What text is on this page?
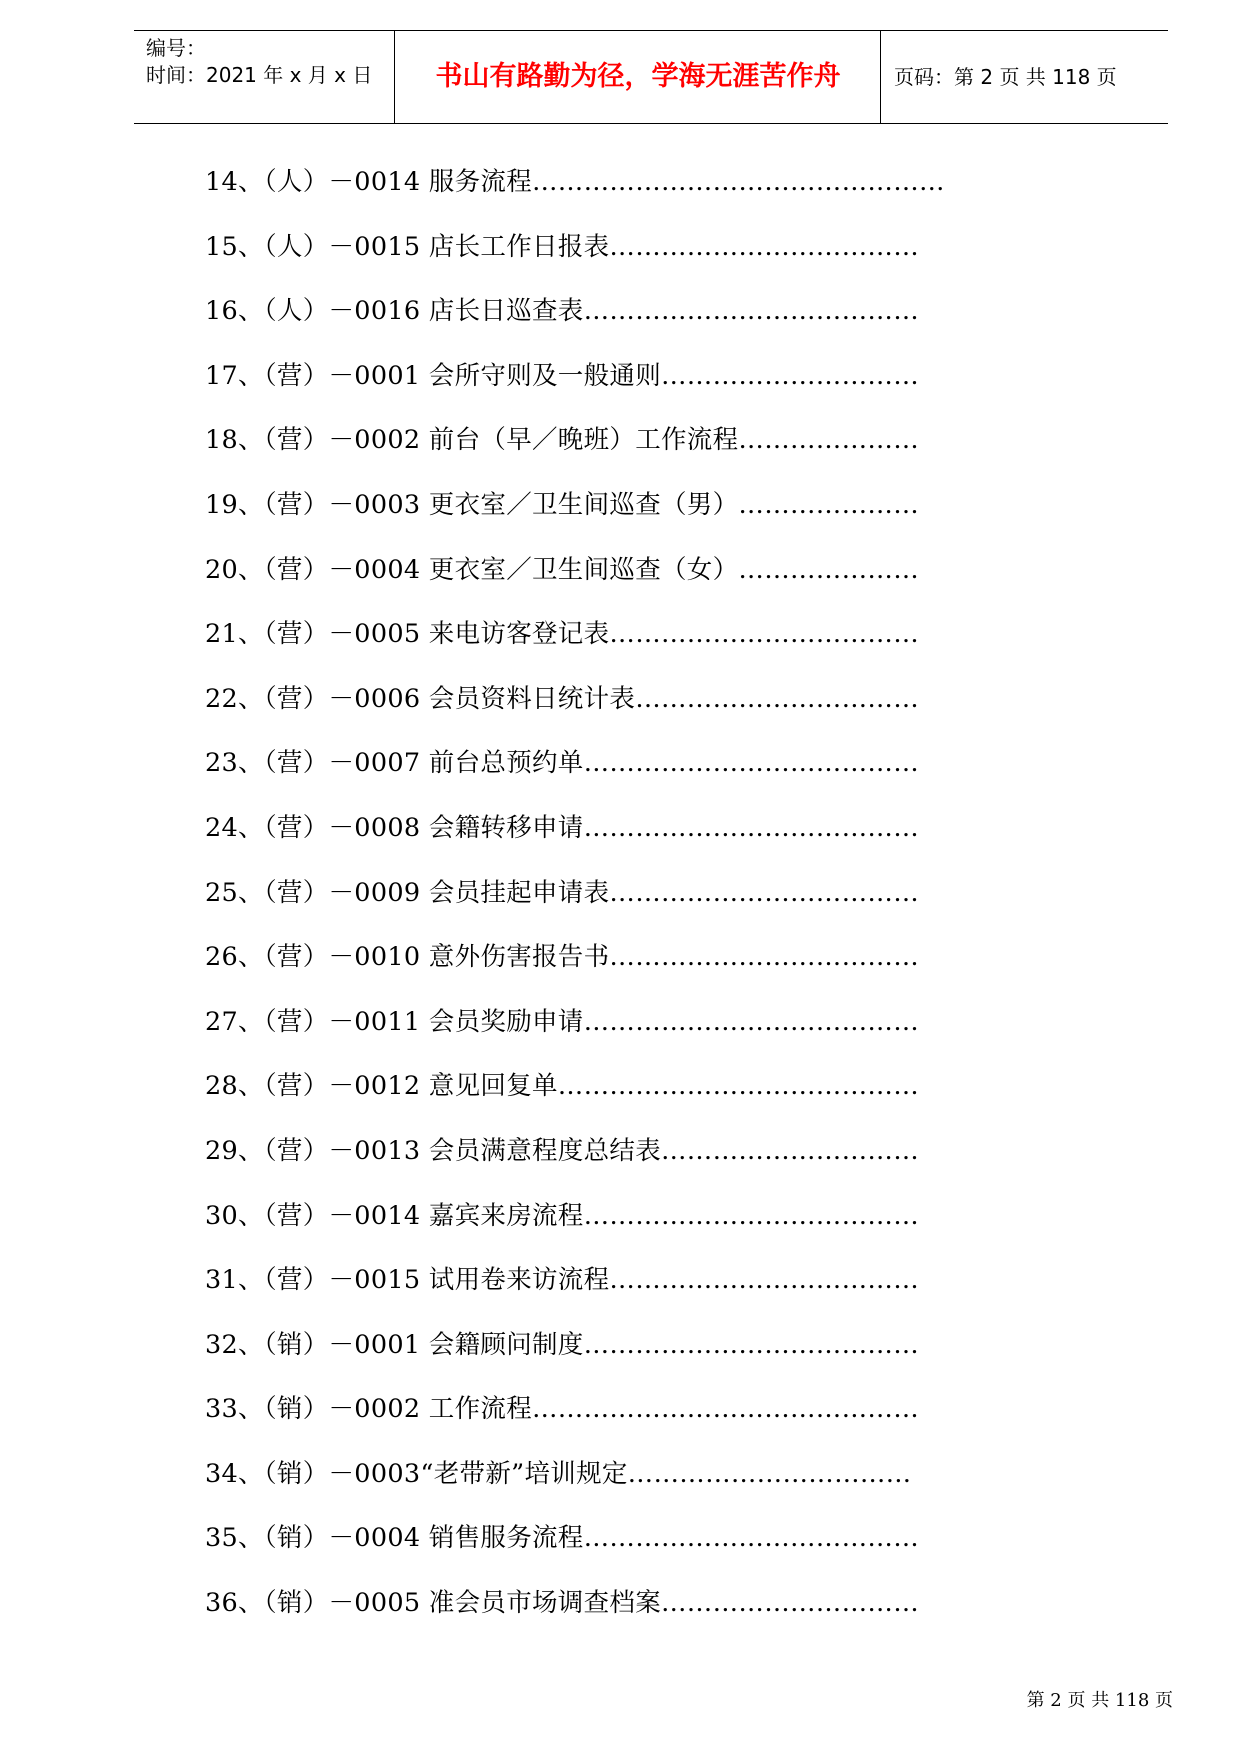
编号：
时间：2021 年 x 月 x 日	书山有路勤为径，学海无涯苦作舟	页码：第 2 页 共 118 页
14、（人）－0014 服务流程…………………………………………
15、（人）－0015 店长工作日报表………………………………
16、（人）－0016 店长日巡查表…………………………………
17、（营）－0001 会所守则及一般通则…………………………
18、（营）－0002 前台（早／晚班）工作流程…………………
19、（营）－0003 更衣室／卫生间巡查（男）…………………
20、（营）－0004 更衣室／卫生间巡查（女）…………………
21、（营）－0005 来电访客登记表………………………………
22、（营）－0006 会员资料日统计表……………………………
23、（营）－0007 前台总预约单…………………………………
24、（营）－0008 会籍转移申请…………………………………
25、（营）－0009 会员挂起申请表………………………………
26、（营）－0010 意外伤害报告书………………………………
27、（营）－0011 会员奖励申请…………………………………
28、（营）－0012 意见回复单……………………………………
29、（营）－0013 会员满意程度总结表…………………………
30、（营）－0014 嘉宾来房流程…………………………………
31、（营）－0015 试用卷来访流程………………………………
32、（销）－0001 会籍顾问制度…………………………………
33、（销）－0002 工作流程………………………………………
34、（销）－0003“老带新”培训规定……………………………
35、（销）－0004 销售服务流程…………………………………
36、（销）－0005 准会员市场调查档案…………………………
第 2 页 共 118 页
